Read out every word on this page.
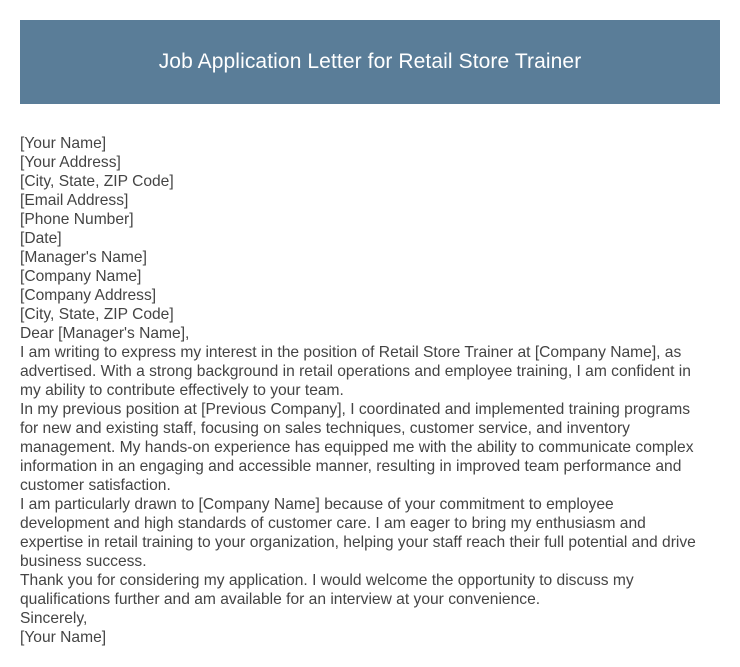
Job Application Letter for Retail Store Trainer
[Your Name]
[Your Address]
[City, State, ZIP Code]
[Email Address]
[Phone Number]
[Date]
[Manager's Name]
[Company Name]
[Company Address]
[City, State, ZIP Code]
Dear [Manager's Name],
I am writing to express my interest in the position of Retail Store Trainer at [Company Name], as
advertised. With a strong background in retail operations and employee training, I am confident in
my ability to contribute effectively to your team.
In my previous position at [Previous Company], I coordinated and implemented training programs
for new and existing staff, focusing on sales techniques, customer service, and inventory
management. My hands-on experience has equipped me with the ability to communicate complex
information in an engaging and accessible manner, resulting in improved team performance and
customer satisfaction.
I am particularly drawn to [Company Name] because of your commitment to employee
development and high standards of customer care. I am eager to bring my enthusiasm and
expertise in retail training to your organization, helping your staff reach their full potential and drive
business success.
Thank you for considering my application. I would welcome the opportunity to discuss my
qualifications further and am available for an interview at your convenience.
Sincerely,
[Your Name]
